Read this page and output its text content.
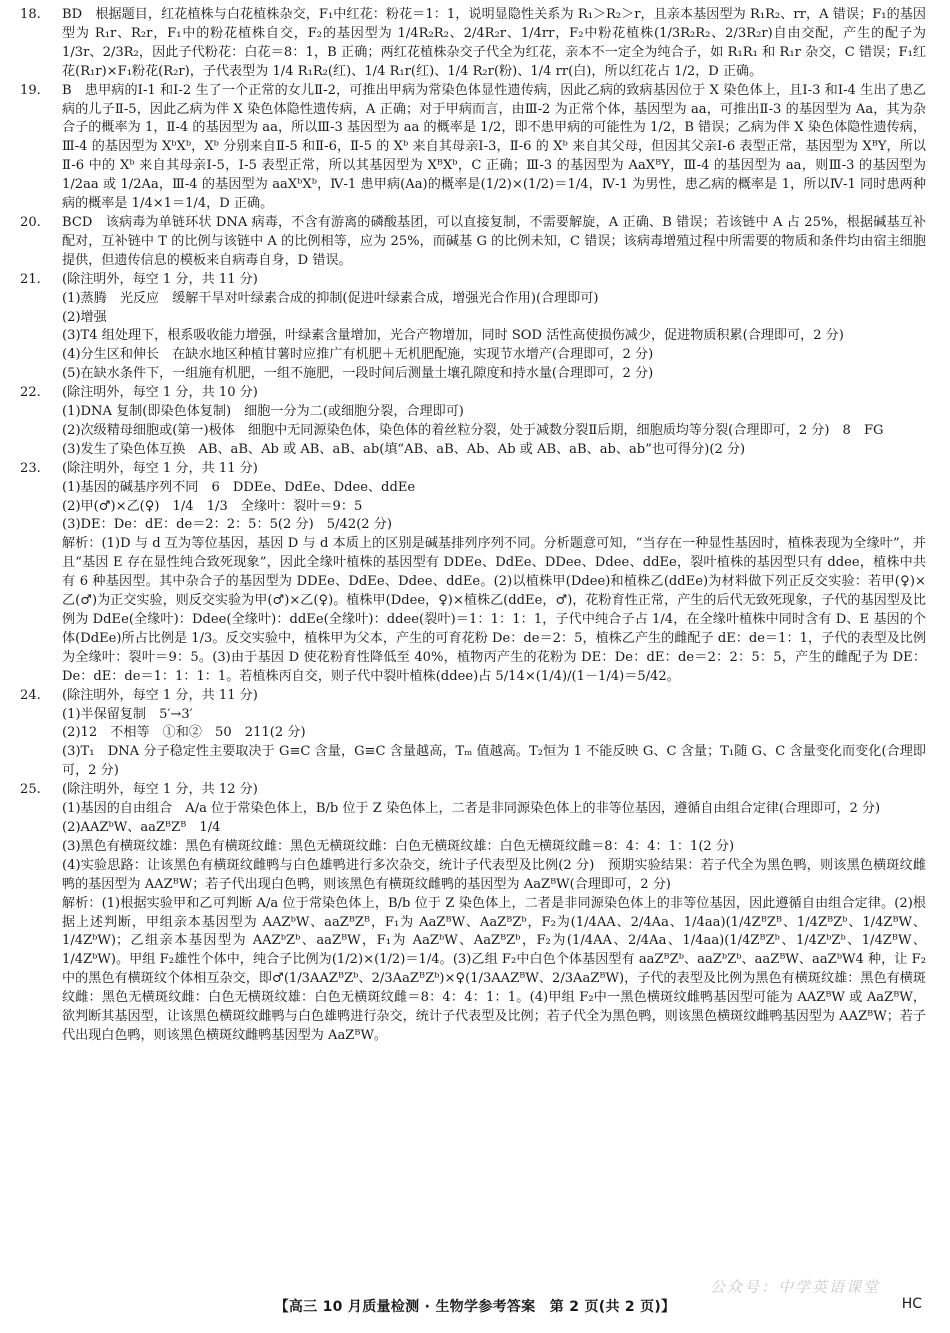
18.	BD　根据题目，红花植株与白花植株杂交，F₁中红花：粉花＝1：1，说明显隐性关系为 R₁＞R₂＞r，且亲本基因型为 R₁R₂、rr，A 错误；F₁的基因型为 R₁r、R₂r，F₁中的粉花植株自交，F₂的基因型为 1/4R₂R₂、2/4R₂r、1/4rr，F₂中粉花植株(1/3R₂R₂、2/3R₂r)自由交配，产生的配子为 1/3r、2/3R₂，因此子代粉花：白花＝8：1，B 正确；两红花植株杂交子代全为红花，亲本不一定全为纯合子，如 R₁R₁ 和 R₁r 杂交，C 错误；F₁红花(R₁r)×F₁粉花(R₂r)，子代表型为 1/4 R₁R₂(红)、1/4 R₁r(红)、1/4 R₂r(粉)、1/4 rr(白)，所以红花占 1/2，D 正确。
19.	B　患甲病的Ⅰ-1 和Ⅰ-2 生了一个正常的女儿Ⅱ-2，可推出甲病为常染色体显性遗传病，因此乙病的致病基因位于 X 染色体上，且Ⅰ-3 和Ⅰ-4 生出了患乙病的儿子Ⅱ-5，因此乙病为伴 X 染色体隐性遗传病，A 正确；对于甲病而言，由Ⅲ-2 为正常个体，基因型为 aa，可推出Ⅱ-3 的基因型为 Aa，其为杂合子的概率为 1，Ⅱ-4 的基因型为 aa，所以Ⅲ-3 基因型为 aa 的概率是 1/2，即不患甲病的可能性为 1/2，B 错误；乙病为伴 X 染色体隐性遗传病，Ⅲ-4 的基因型为 XᵇXᵇ，Xᵇ 分别来自Ⅱ-5 和Ⅱ-6，Ⅱ-5 的 Xᵇ 来自其母亲Ⅰ-3，Ⅱ-6 的 Xᵇ 来自其父母，但因其父亲Ⅰ-6 表型正常，基因型为 XᴮY，所以Ⅱ-6 中的 Xᵇ 来自其母亲Ⅰ-5，Ⅰ-5 表型正常，所以其基因型为 XᴮXᵇ，C 正确；Ⅲ-3 的基因型为 AaXᴮY，Ⅲ-4 的基因型为 aa，则Ⅲ-3 的基因型为 1/2aa 或 1/2Aa，Ⅲ-4 的基因型为 aaXᵇXᵇ，Ⅳ-1 患甲病(Aa)的概率是(1/2)×(1/2)＝1/4，Ⅳ-1 为男性，患乙病的概率是 1，所以Ⅳ-1 同时患两种病的概率是 1/4×1＝1/4，D 正确。
20.	BCD　该病毒为单链环状 DNA 病毒，不含有游离的磷酸基团，可以直接复制，不需要解旋，A 正确、B 错误；若该链中 A 占 25%，根据碱基互补配对，互补链中 T 的比例与该链中 A 的比例相等，应为 25%，而碱基 G 的比例未知，C 错误；该病毒增殖过程中所需要的物质和条件均由宿主细胞提供，但遗传信息的模板来自病毒自身，D 错误。
21.	(除注明外，每空 1 分，共 11 分)
(1)蒸腾　光反应　缓解干旱对叶绿素合成的抑制(促进叶绿素合成，增强光合作用)(合理即可)
(2)增强
(3)T4 组处理下，根系吸收能力增强，叶绿素含量增加，光合产物增加，同时 SOD 活性高使损伤减少，促进物质积累(合理即可，2 分)
(4)分生区和伸长　在缺水地区种植甘薯时应推广有机肥＋无机肥配施，实现节水增产(合理即可，2 分)
(5)在缺水条件下，一组施有机肥，一组不施肥，一段时间后测量土壤孔隙度和持水量(合理即可，2 分)
22.	(除注明外，每空 1 分，共 10 分)
(1)DNA 复制(即染色体复制)　细胞一分为二(或细胞分裂，合理即可)
(2)次级精母细胞或(第一)极体　细胞中无同源染色体，染色体的着丝粒分裂，处于减数分裂Ⅱ后期，细胞质均等分裂(合理即可，2 分)　8　FG
(3)发生了染色体互换　AB、aB、Ab 或 AB、aB、ab(填“AB、aB、Ab、Ab 或 AB、aB、ab、ab”也可得分)(2 分)
23.	(除注明外，每空 1 分，共 11 分)
(1)基因的碱基序列不同　6　DDEe、DdEe、Ddee、ddEe
(2)甲(♂)×乙(♀)　1/4　1/3　全缘叶：裂叶＝9：5
(3)DE：De：dE：de＝2：2：5：5(2 分)　5/42(2 分)
解析：(1)D 与 d 互为等位基因，基因 D 与 d 本质上的区别是碱基排列序列不同。分析题意可知，“当存在一种显性基因时，植株表现为全缘叶”，并且“基因 E 存在显性纯合致死现象”，因此全缘叶植株的基因型有 DDEe、DdEe、DDee、Ddee、ddEe，裂叶植株的基因型只有 ddee，植株中共有 6 种基因型。其中杂合子的基因型为 DDEe、DdEe、Ddee、ddEe。(2)以植株甲(Ddee)和植株乙(ddEe)为材料做下列正反交实验：若甲(♀)×乙(♂)为正交实验，则反交实验为甲(♂)×乙(♀)。植株甲(Ddee，♀)×植株乙(ddEe，♂)，花粉育性正常，产生的后代无致死现象，子代的基因型及比例为 DdEe(全缘叶)：Ddee(全缘叶)：ddEe(全缘叶)：ddee(裂叶)＝1：1：1：1，子代中纯合子占 1/4，在全缘叶植株中同时含有 D、E 基因的个体(DdEe)所占比例是 1/3。反交实验中，植株甲为父本，产生的可育花粉 De：de＝2：5，植株乙产生的雌配子 dE：de＝1：1，子代的表型及比例为全缘叶：裂叶＝9：5。(3)由于基因 D 使花粉育性降低至 40%，植物丙产生的花粉为 DE：De：dE：de＝2：2：5：5，产生的雌配子为 DE：De：dE：de＝1：1：1：1。若植株丙自交，则子代中裂叶植株(ddee)占 5/14×(1/4)/(1－1/4)＝5/42。
24.	(除注明外，每空 1 分，共 11 分)
(1)半保留复制　5′→3′
(2)12　不相等　①和②　50　211(2 分)
(3)T₁　DNA 分子稳定性主要取决于 G≡C 含量，G≡C 含量越高，Tₘ 值越高。T₂恒为 1 不能反映 G、C 含量；T₁随 G、C 含量变化而变化(合理即可，2 分)
25.	(除注明外，每空 1 分，共 12 分)
(1)基因的自由组合　A/a 位于常染色体上，B/b 位于 Z 染色体上，二者是非同源染色体上的非等位基因，遵循自由组合定律(合理即可，2 分)
(2)AAZᵇW、aaZᴮZᴮ　1/4
(3)黑色有横斑纹雄：黑色有横斑纹雌：黑色无横斑纹雌：白色无横斑纹雄：白色无横斑纹雌＝8：4：4：1：1(2 分)
(4)实验思路：让该黑色有横斑纹雌鸭与白色雄鸭进行多次杂交，统计子代表型及比例(2 分)　预期实验结果：若子代全为黑色鸭，则该黑色横斑纹雌鸭的基因型为 AAZᴮW；若子代出现白色鸭，则该黑色有横斑纹雌鸭的基因型为 AaZᴮW(合理即可，2 分)
解析：(1)根据实验甲和乙可判断 A/a 位于常染色体上，B/b 位于 Z 染色体上，二者是非同源染色体上的非等位基因，因此遵循自由组合定律。(2)根据上述判断，甲组亲本基因型为 AAZᵇW、aaZᴮZᴮ，F₁为 AaZᴮW、AaZᴮZᵇ，F₂为(1/4AA、2/4Aa、1/4aa)(1/4ZᴮZᴮ、1/4ZᴮZᵇ、1/4ZᴮW、1/4ZᵇW)；乙组亲本基因型为 AAZᵇZᵇ、aaZᴮW，F₁为 AaZᵇW、AaZᴮZᵇ，F₂为(1/4AA、2/4Aa、1/4aa)(1/4ZᴮZᵇ、1/4ZᵇZᵇ、1/4ZᴮW、1/4ZᵇW)。甲组 F₂雄性个体中，纯合子比例为(1/2)×(1/2)＝1/4。(3)乙组 F₂中白色个体基因型有 aaZᴮZᵇ、aaZᵇZᵇ、aaZᴮW、aaZᵇW4 种，让 F₂中的黑色有横斑纹个体相互杂交，即♂(1/3AAZᴮZᵇ、2/3AaZᴮZᵇ)×♀(1/3AAZᴮW、2/3AaZᴮW)，子代的表型及比例为黑色有横斑纹雄：黑色有横斑纹雌：黑色无横斑纹雌：白色无横斑纹雄：白色无横斑纹雌＝8：4：4：1：1。(4)甲组 F₂中一黑色横斑纹雌鸭基因型可能为 AAZᴮW 或 AaZᴮW，欲判断其基因型，让该黑色横斑纹雌鸭与白色雄鸭进行杂交，统计子代表型及比例；若子代全为黑色鸭，则该黑色横斑纹雌鸭基因型为 AAZᴮW；若子代出现白色鸭，则该黑色横斑纹雌鸭基因型为 AaZᴮW。
公众号：中学英语课堂
【高三 10 月质量检测 · 生物学参考答案　第 2 页(共 2 页)】	HC
